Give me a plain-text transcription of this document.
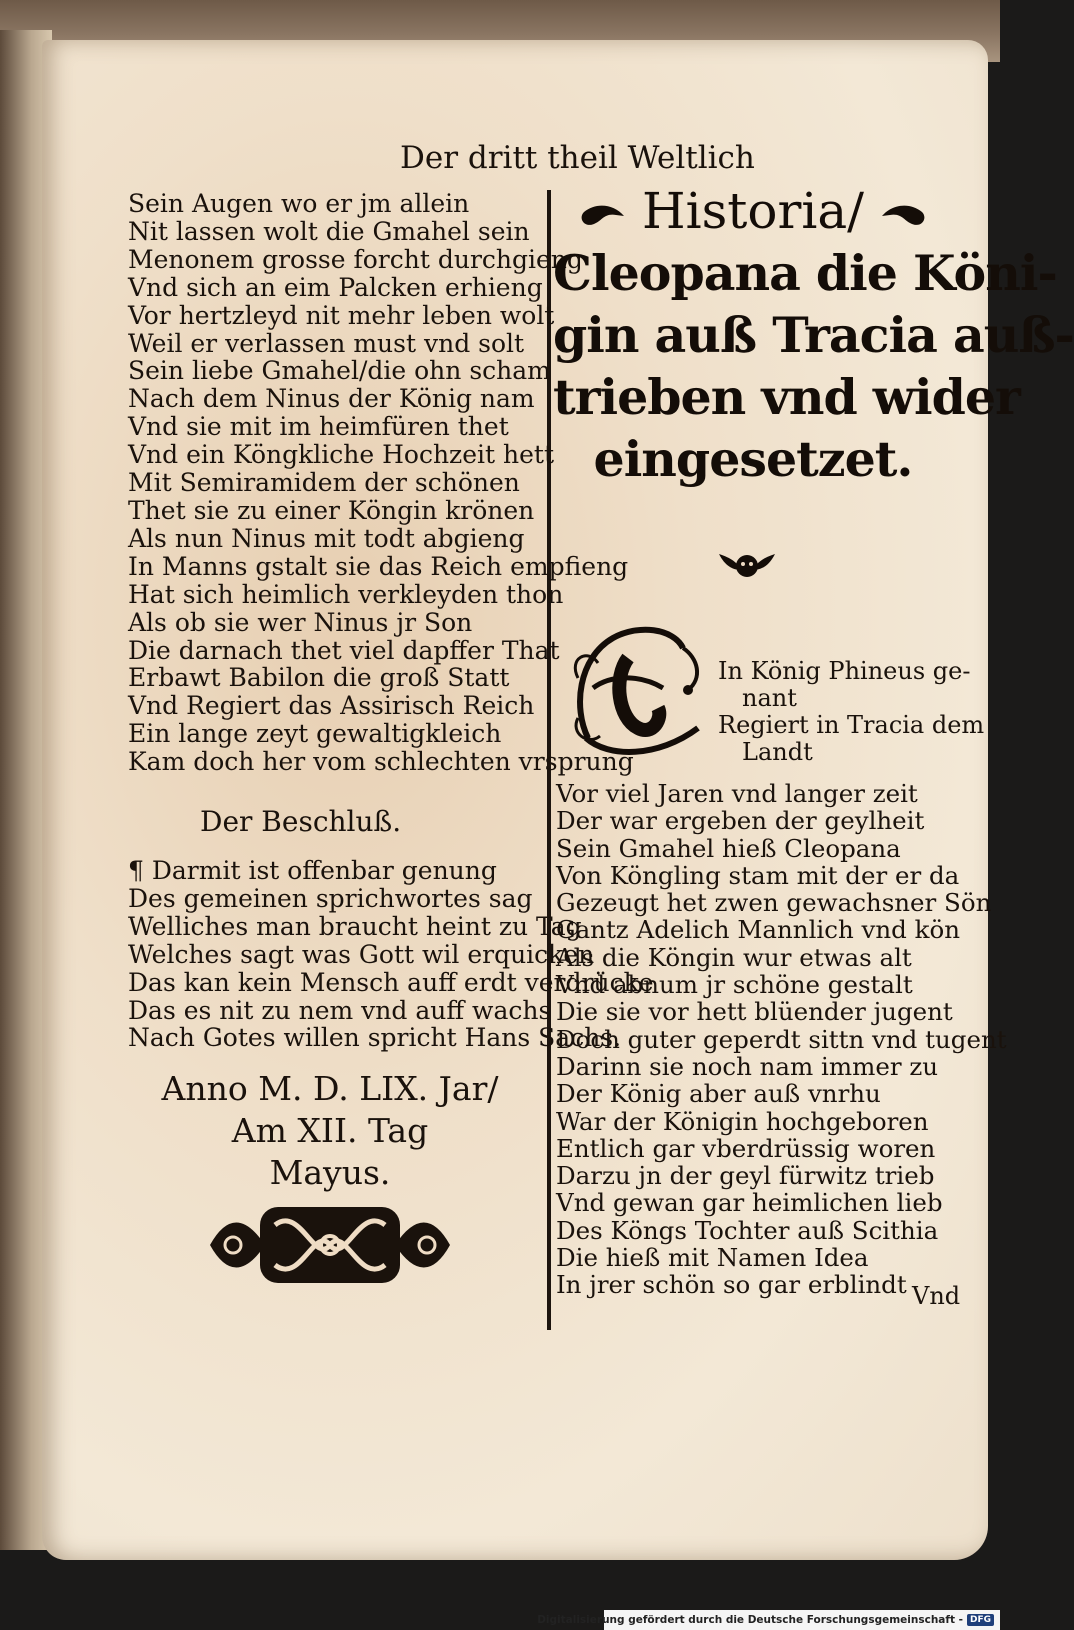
Der dritt theil Weltlich
Sein Augen wo er jm allein
Nit lassen wolt die Gmahel sein
Menonem grosse forcht durchgieng
Vnd sich an eim Palcken erhieng
Vor hertzleyd nit mehr leben wolt
Weil er verlassen must vnd solt
Sein liebe Gmahel/die ohn scham
Nach dem Ninus der König nam
Vnd sie mit im heimfüren thet
Vnd ein Köngkliche Hochzeit hett
Mit Semiramidem der schönen
Thet sie zu einer Köngin krönen
Als nun Ninus mit todt abgieng
In Manns gstalt sie das Reich empfieng
Hat sich heimlich verkleyden thon
Als ob sie wer Ninus jr Son
Die darnach thet viel dapffer That
Erbawt Babilon die groß Statt
Vnd Regiert das Assirisch Reich
Ein lange zeyt gewaltigkleich
Kam doch her vom schlechten vrsprung
Der Beschluß.
¶ Darmit ist offenbar genung
Des gemeinen sprichwortes sag
Welliches man braucht heint zu Tag
Welches sagt was Gott wil erquicken
Das kan kein Mensch auff erdt verdrücke
Das es nit zu nem vnd auff wachs
Nach Gotes willen spricht Hans Sachs.
Anno M. D. LIX. Jar/
Am XII. Tag
Mayus.
Historia/
Cleopana die Köni-
gin auß Tracia auß-
trieben vnd wider
eingesetzet.
In König Phineus ge-
nant
Regiert in Tracia dem
Landt
Vor viel Jaren vnd langer zeit
Der war ergeben der geylheit
Sein Gmahel hieß Cleopana
Von Köngling stam mit der er da
Gezeugt het zwen gewachsner Sön
Gantz Adelich Mannlich vnd kön
Als die Köngin wur etwas alt
Vnd abnum jr schöne gestalt
Die sie vor hett blüender jugent
Doch guter geperdt sittn vnd tugent
Darinn sie noch nam immer zu
Der König aber auß vnrhu
War der Königin hochgeboren
Entlich gar vberdrüssig woren
Darzu jn der geyl fürwitz trieb
Vnd gewan gar heimlichen lieb
Des Köngs Tochter auß Scithia
Die hieß mit Namen Idea
In jrer schön so gar erblindt Vnd
Digitalisierung gefördert durch die Deutsche Forschungsgemeinschaft - DFG
